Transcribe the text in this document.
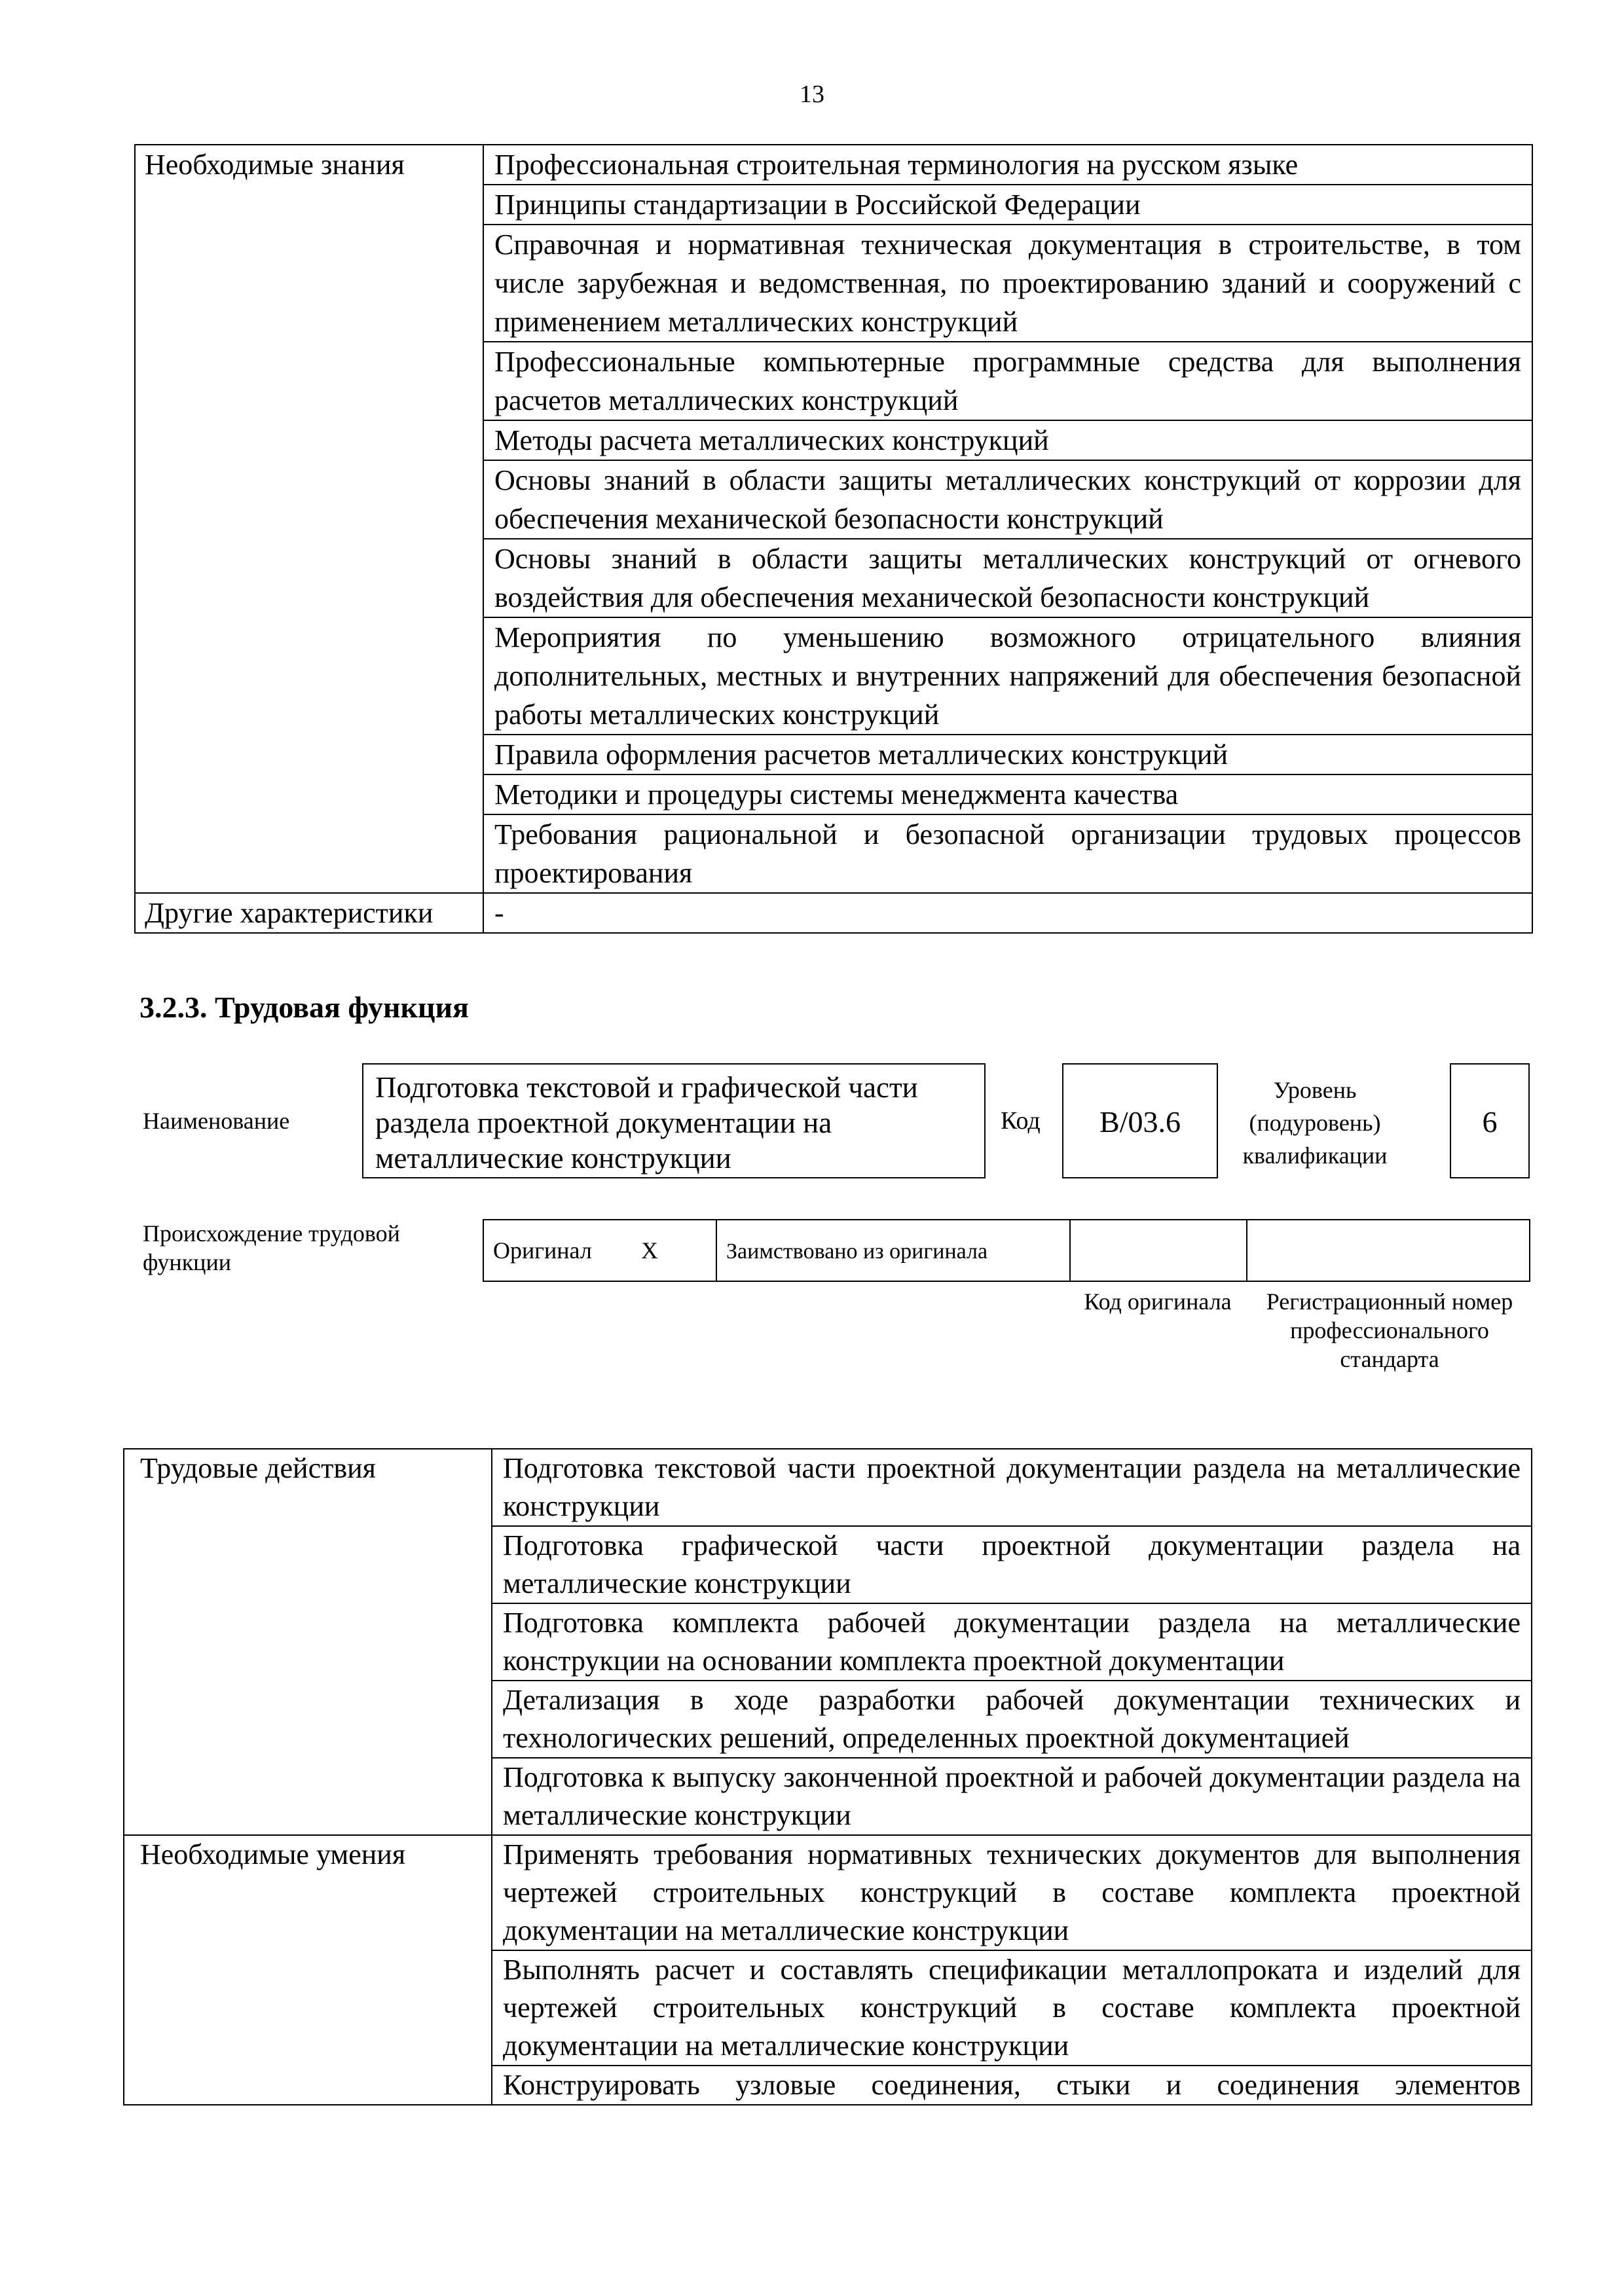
13
Необходимые знания	Профессиональная строительная терминология на русском языке
	Принципы стандартизации в Российской Федерации
	Справочная и нормативная техническая документация в строительстве, в том числе зарубежная и ведомственная, по проектированию зданий и сооружений с применением металлических конструкций
	Профессиональные компьютерные программные средства для выполнения расчетов металлических конструкций
	Методы расчета металлических конструкций
	Основы знаний в области защиты металлических конструкций от коррозии для обеспечения механической безопасности конструкций
	Основы знаний в области защиты металлических конструкций от огневого воздействия для обеспечения механической безопасности конструкций
	Мероприятия по уменьшению возможного отрицательного влияния дополнительных, местных и внутренних напряжений для обеспечения безопасной работы металлических конструкций
	Правила оформления расчетов металлических конструкций
	Методики и процедуры системы менеджмента качества
	Требования рациональной и безопасной организации трудовых процессов проектирования
Другие характеристики	-
3.2.3. Трудовая функция
Наименование
Подготовка текстовой и графической части раздела проектной документации на металлические конструкции
Код	B/03.6
Уровень (подуровень) квалификации
6
Происхождение трудовой функции	Оригинал	X	Заимствовано из оригинала		
Код оригинала Регистрационный номер профессионального стандарта
Трудовые действия	Подготовка текстовой части проектной документации раздела на металлические конструкции
	Подготовка графической части проектной документации раздела на металлические конструкции
	Подготовка комплекта рабочей документации раздела на металлические конструкции на основании комплекта проектной документации
	Детализация в ходе разработки рабочей документации технических и технологических решений, определенных проектной документацией
	Подготовка к выпуску законченной проектной и рабочей документации раздела на металлические конструкции
Необходимые умения	Применять требования нормативных технических документов для выполнения чертежей строительных конструкций в составе комплекта проектной документации на металлические конструкции
	Выполнять расчет и составлять спецификации металлопроката и изделий для чертежей строительных конструкций в составе комплекта проектной документации на металлические конструкции
	Конструировать узловые соединения, стыки и соединения элементов
